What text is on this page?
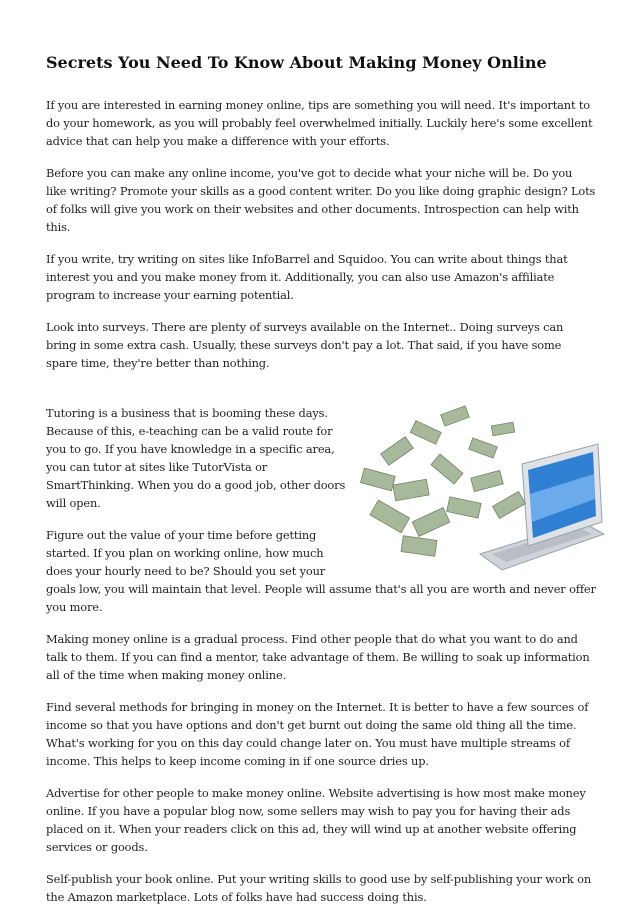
Secrets You Need To Know About Making Money Online

If you are interested in earning money online, tips are something you will need. It's important to do your homework, as you will probably feel overwhelmed initially. Luckily here's some excellent advice that can help you make a difference with your efforts.

Before you can make any online income, you've got to decide what your niche will be. Do you like writing? Promote your skills as a good content writer. Do you like doing graphic design? Lots of folks will give you work on their websites and other documents. Introspection can help with this.

If you write, try writing on sites like InfoBarrel and Squidoo. You can write about things that interest you and you make money from it. Additionally, you can also use Amazon's affiliate program to increase your earning potential.

Look into surveys. There are plenty of surveys available on the Internet.. Doing surveys can bring in some extra cash. Usually, these surveys don't pay a lot. That said, if you have some spare time, they're better than nothing.

Tutoring is a business that is booming these days. Because of this, e-teaching can be a valid route for you to go. If you have knowledge in a specific area, you can tutor at sites like TutorVista or SmartThinking. When you do a good job, other doors will open.

Figure out the value of your time before getting started. If you plan on working online, how much does your hourly need to be? Should you set your goals low, you will maintain that level. People will assume that's all you are worth and never offer you more.

Making money online is a gradual process. Find other people that do what you want to do and talk to them. If you can find a mentor, take advantage of them. Be willing to soak up information all of the time when making money online.

Find several methods for bringing in money on the Internet. It is better to have a few sources of income so that you have options and don't get burnt out doing the same old thing all the time. What's working for you on this day could change later on. You must have multiple streams of income. This helps to keep income coming in if one source dries up.

Advertise for other people to make money online. Website advertising is how most make money online. If you have a popular blog now, some sellers may wish to pay you for having their ads placed on it. When your readers click on this ad, they will wind up at another website offering services or goods.

Self-publish your book online. Put your writing skills to good use by self-publishing your work on the Amazon marketplace. Lots of folks have had success doing this.
